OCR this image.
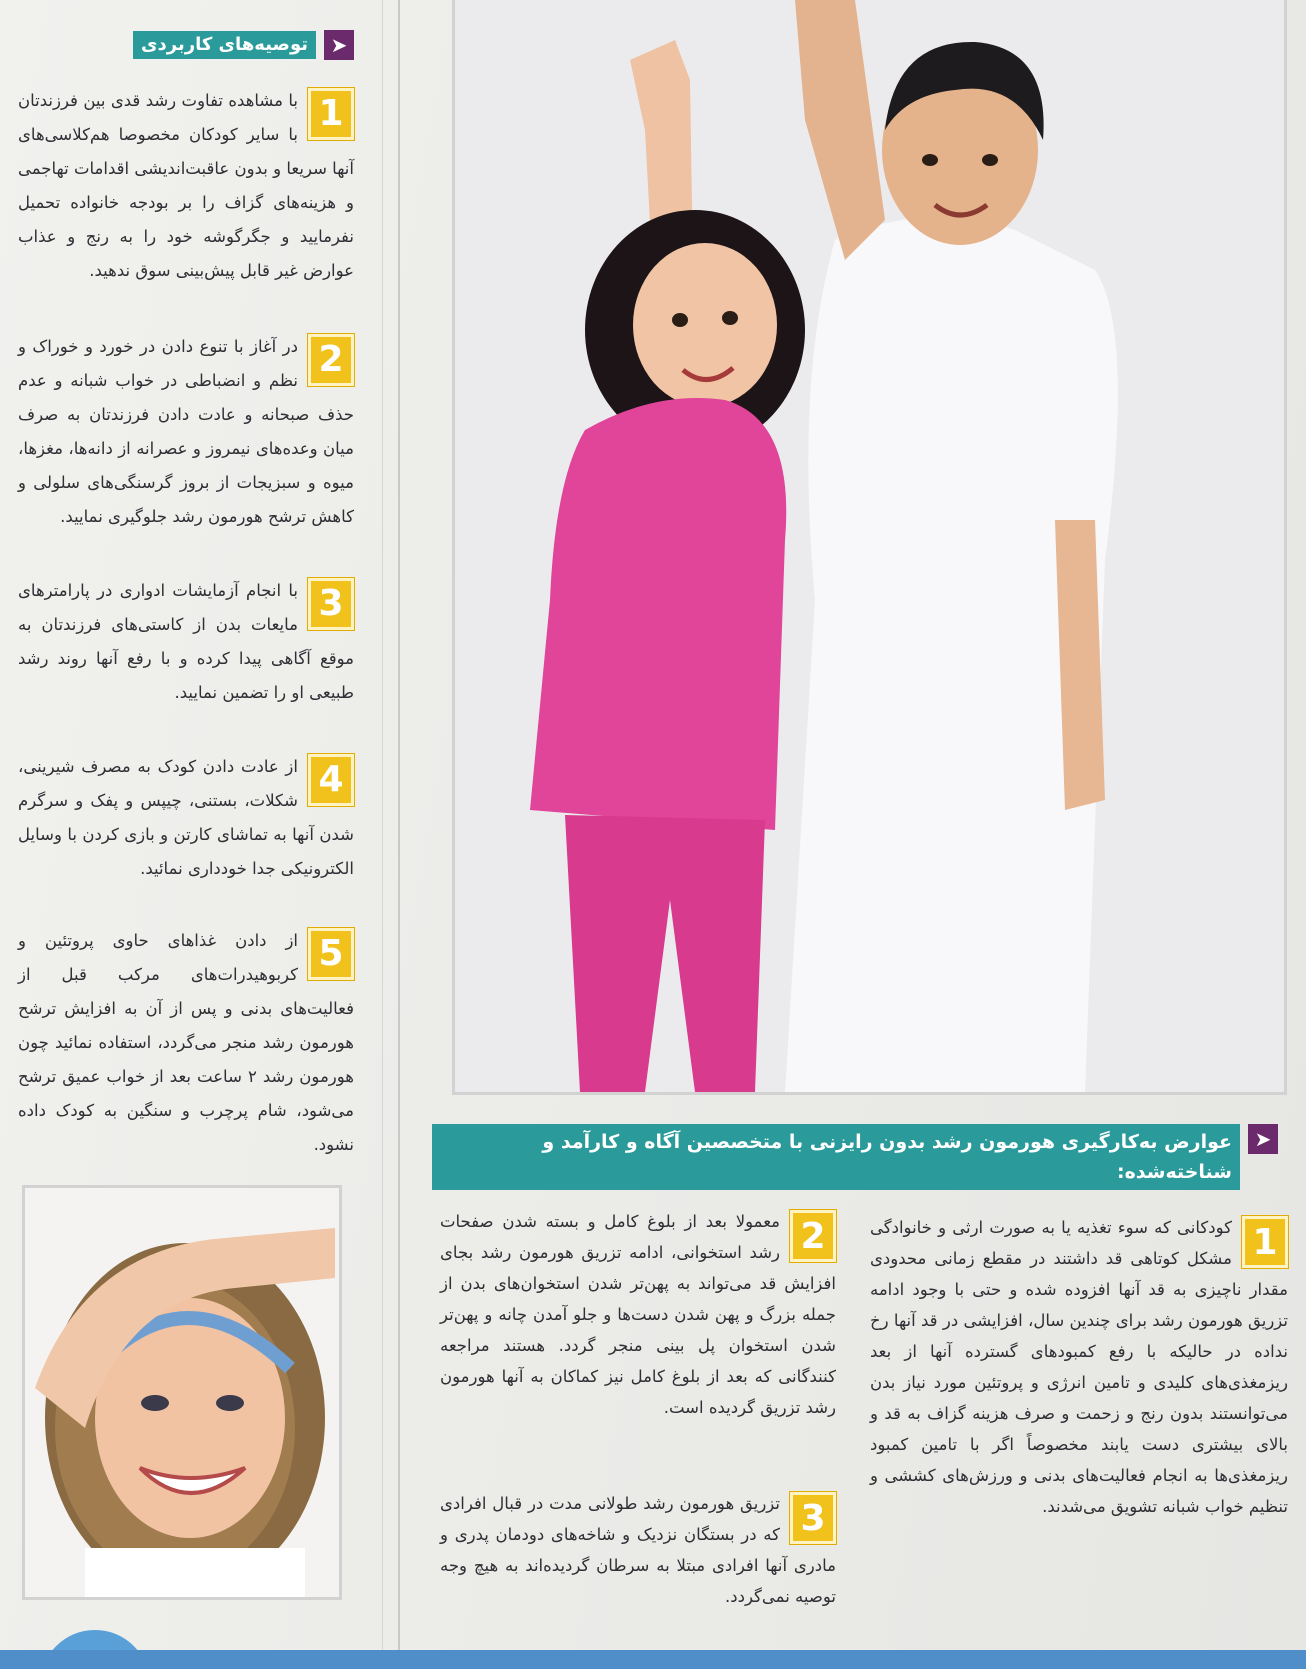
➤
توصیه‌های کاربردی
1
با مشاهده تفاوت رشد قدی بین فرزندتان با سایر کودکان مخصوصا هم‌کلاسی‌های آنها سریعا و بدون عاقبت‌اندیشی اقدامات تهاجمی و هزینه‌های گزاف را بر بودجه خانواده تحمیل نفرمایید و جگرگوشه خود را به رنج و عذاب عوارض غیر قابل پیش‌بینی سوق ندهید.
2
در آغاز با تنوع دادن در خورد و خوراک و نظم و انضباطی در خواب شبانه و عدم حذف صبحانه و عادت دادن فرزندتان به صرف میان وعده‌های نیمروز و عصرانه از دانه‌ها، مغزها، میوه و سبزیجات از بروز گرسنگی‌های سلولی و کاهش ترشح هورمون رشد جلوگیری نمایید.
3
با انجام آزمایشات ادواری در پارامترهای مایعات بدن از کاستی‌های فرزندتان به موقع آگاهی پیدا کرده و با رفع آنها روند رشد طبیعی او را تضمین نمایید.
4
از عادت دادن کودک به مصرف شیرینی، شکلات، بستنی، چیپس و پفک و سرگرم شدن آنها به تماشای کارتن و بازی کردن با وسایل الکترونیکی جدا خودداری نمائید.
5
از دادن غذاهای حاوی پروتئین و کربوهیدرات‌های مرکب قبل از فعالیت‌های بدنی و پس از آن به افزایش ترشح هورمون رشد منجر می‌گردد، استفاده نمائید چون هورمون رشد ۲ ساعت بعد از خواب عمیق ترشح می‌شود، شام پرچرب و سنگین به کودک داده نشود.	➤
عوارض به‌کارگیری هورمون رشد بدون رایزنی با متخصصین آگاه و کارآمد و شناخته‌شده:
1
کودکانی که سوء تغذیه یا به صورت ارثی و خانوادگی مشکل کوتاهی قد داشتند در مقطع زمانی محدودی مقدار ناچیزی به قد آنها افزوده شده و حتی با وجود ادامه تزریق هورمون رشد برای چندین سال، افزایشی در قد آنها رخ نداده در حالیکه با رفع کمبودهای گسترده آنها از بعد ریزمغذی‌های کلیدی و تامین انرژی و پروتئین مورد نیاز بدن می‌توانستند بدون رنج و زحمت و صرف هزینه گزاف به قد و بالای بیشتری دست یابند مخصوصاً اگر با تامین کمبود ریزمغذی‌ها به انجام فعالیت‌های بدنی و ورزش‌های کششی و تنظیم خواب شبانه تشویق می‌شدند.
2
معمولا بعد از بلوغ کامل و بسته شدن صفحات رشد استخوانی، ادامه تزریق هورمون رشد بجای افزایش قد می‌تواند به پهن‌تر شدن استخوان‌های بدن از جمله بزرگ و پهن شدن دست‌ها و جلو آمدن چانه و پهن‌تر شدن استخوان پل بینی منجر گردد. هستند مراجعه کنندگانی که بعد از بلوغ کامل نیز کماکان به آنها هورمون رشد تزریق گردیده است.
3
تزریق هورمون رشد طولانی مدت در قبال افرادی که در بستگان نزدیک و شاخه‌های دودمان پدری و مادری آنها افرادی مبتلا به سرطان گردیده‌اند به هیچ وجه توصیه نمی‌گردد.
